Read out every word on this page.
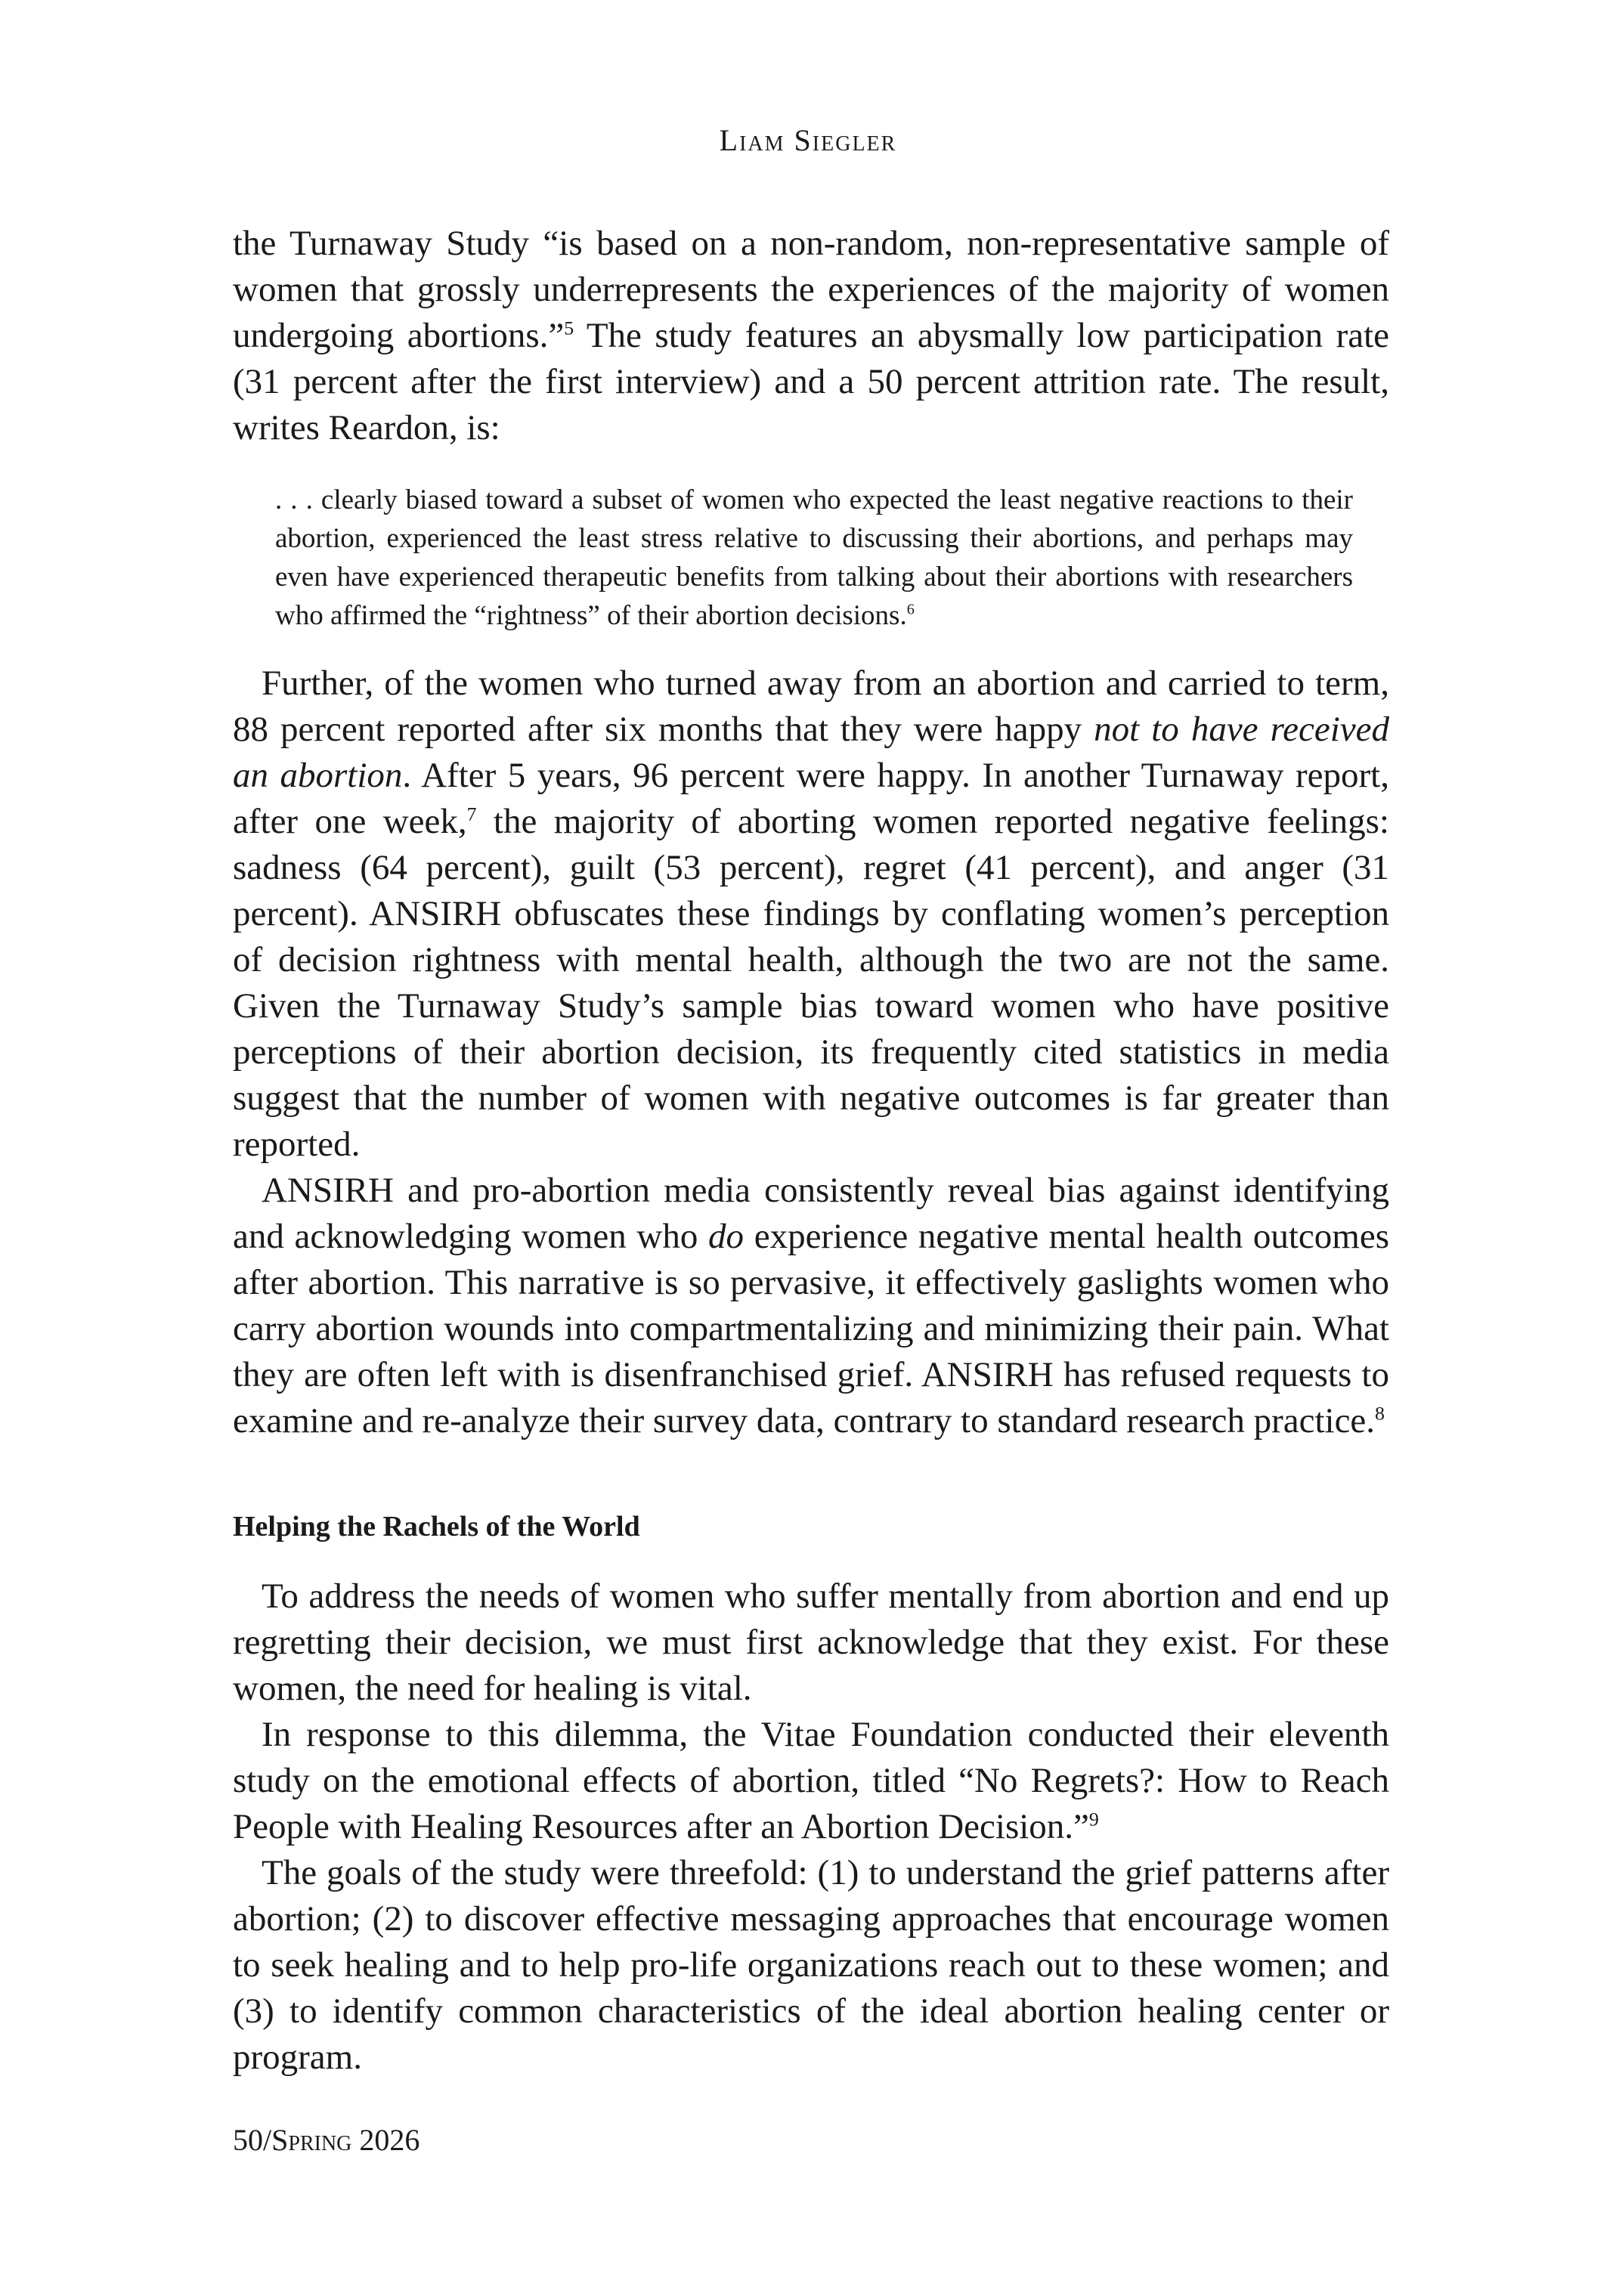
Liam Siegler

the Turnaway Study “is based on a non-random, non-representative sample of women that grossly underrepresents the experiences of the majority of women undergoing abortions.”$^5$ The study features an abysmally low participation rate (31 percent after the first interview) and a 50 percent attrition rate. The result, writes Reardon, is:

. . . clearly biased toward a subset of women who expected the least negative reactions to their abortion, experienced the least stress relative to discussing their abortions, and perhaps may even have experienced therapeutic benefits from talking about their abortions with researchers who affirmed the “rightness” of their abortion decisions.$^6$

Further, of the women who turned away from an abortion and carried to term, 88 percent reported after six months that they were happy not to have received an abortion. After 5 years, 96 percent were happy. In another Turnaway report, after one week,$^7$ the majority of aborting women reported negative feelings: sadness (64 percent), guilt (53 percent), regret (41 percent), and anger (31 percent). ANSIRH obfuscates these findings by conflating women’s perception of decision rightness with mental health, although the two are not the same. Given the Turnaway Study’s sample bias toward women who have positive perceptions of their abortion decision, its frequently cited statistics in media suggest that the number of women with negative outcomes is far greater than reported.

ANSIRH and pro-abortion media consistently reveal bias against identifying and acknowledging women who do experience negative mental health outcomes after abortion. This narrative is so pervasive, it effectively gaslights women who carry abortion wounds into compartmentalizing and minimizing their pain. What they are often left with is disenfranchised grief. ANSIRH has refused requests to examine and re-analyze their survey data, contrary to standard research practice.$^8$

Helping the Rachels of the World

To address the needs of women who suffer mentally from abortion and end up regretting their decision, we must first acknowledge that they exist. For these women, the need for healing is vital.

In response to this dilemma, the Vitae Foundation conducted their eleventh study on the emotional effects of abortion, titled “No Regrets?: How to Reach People with Healing Resources after an Abortion Decision.”$^9$

The goals of the study were threefold: (1) to understand the grief patterns after abortion; (2) to discover effective messaging approaches that encourage women to seek healing and to help pro-life organizations reach out to these women; and (3) to identify common characteristics of the ideal abortion healing center or program.

50/Spring 2026
